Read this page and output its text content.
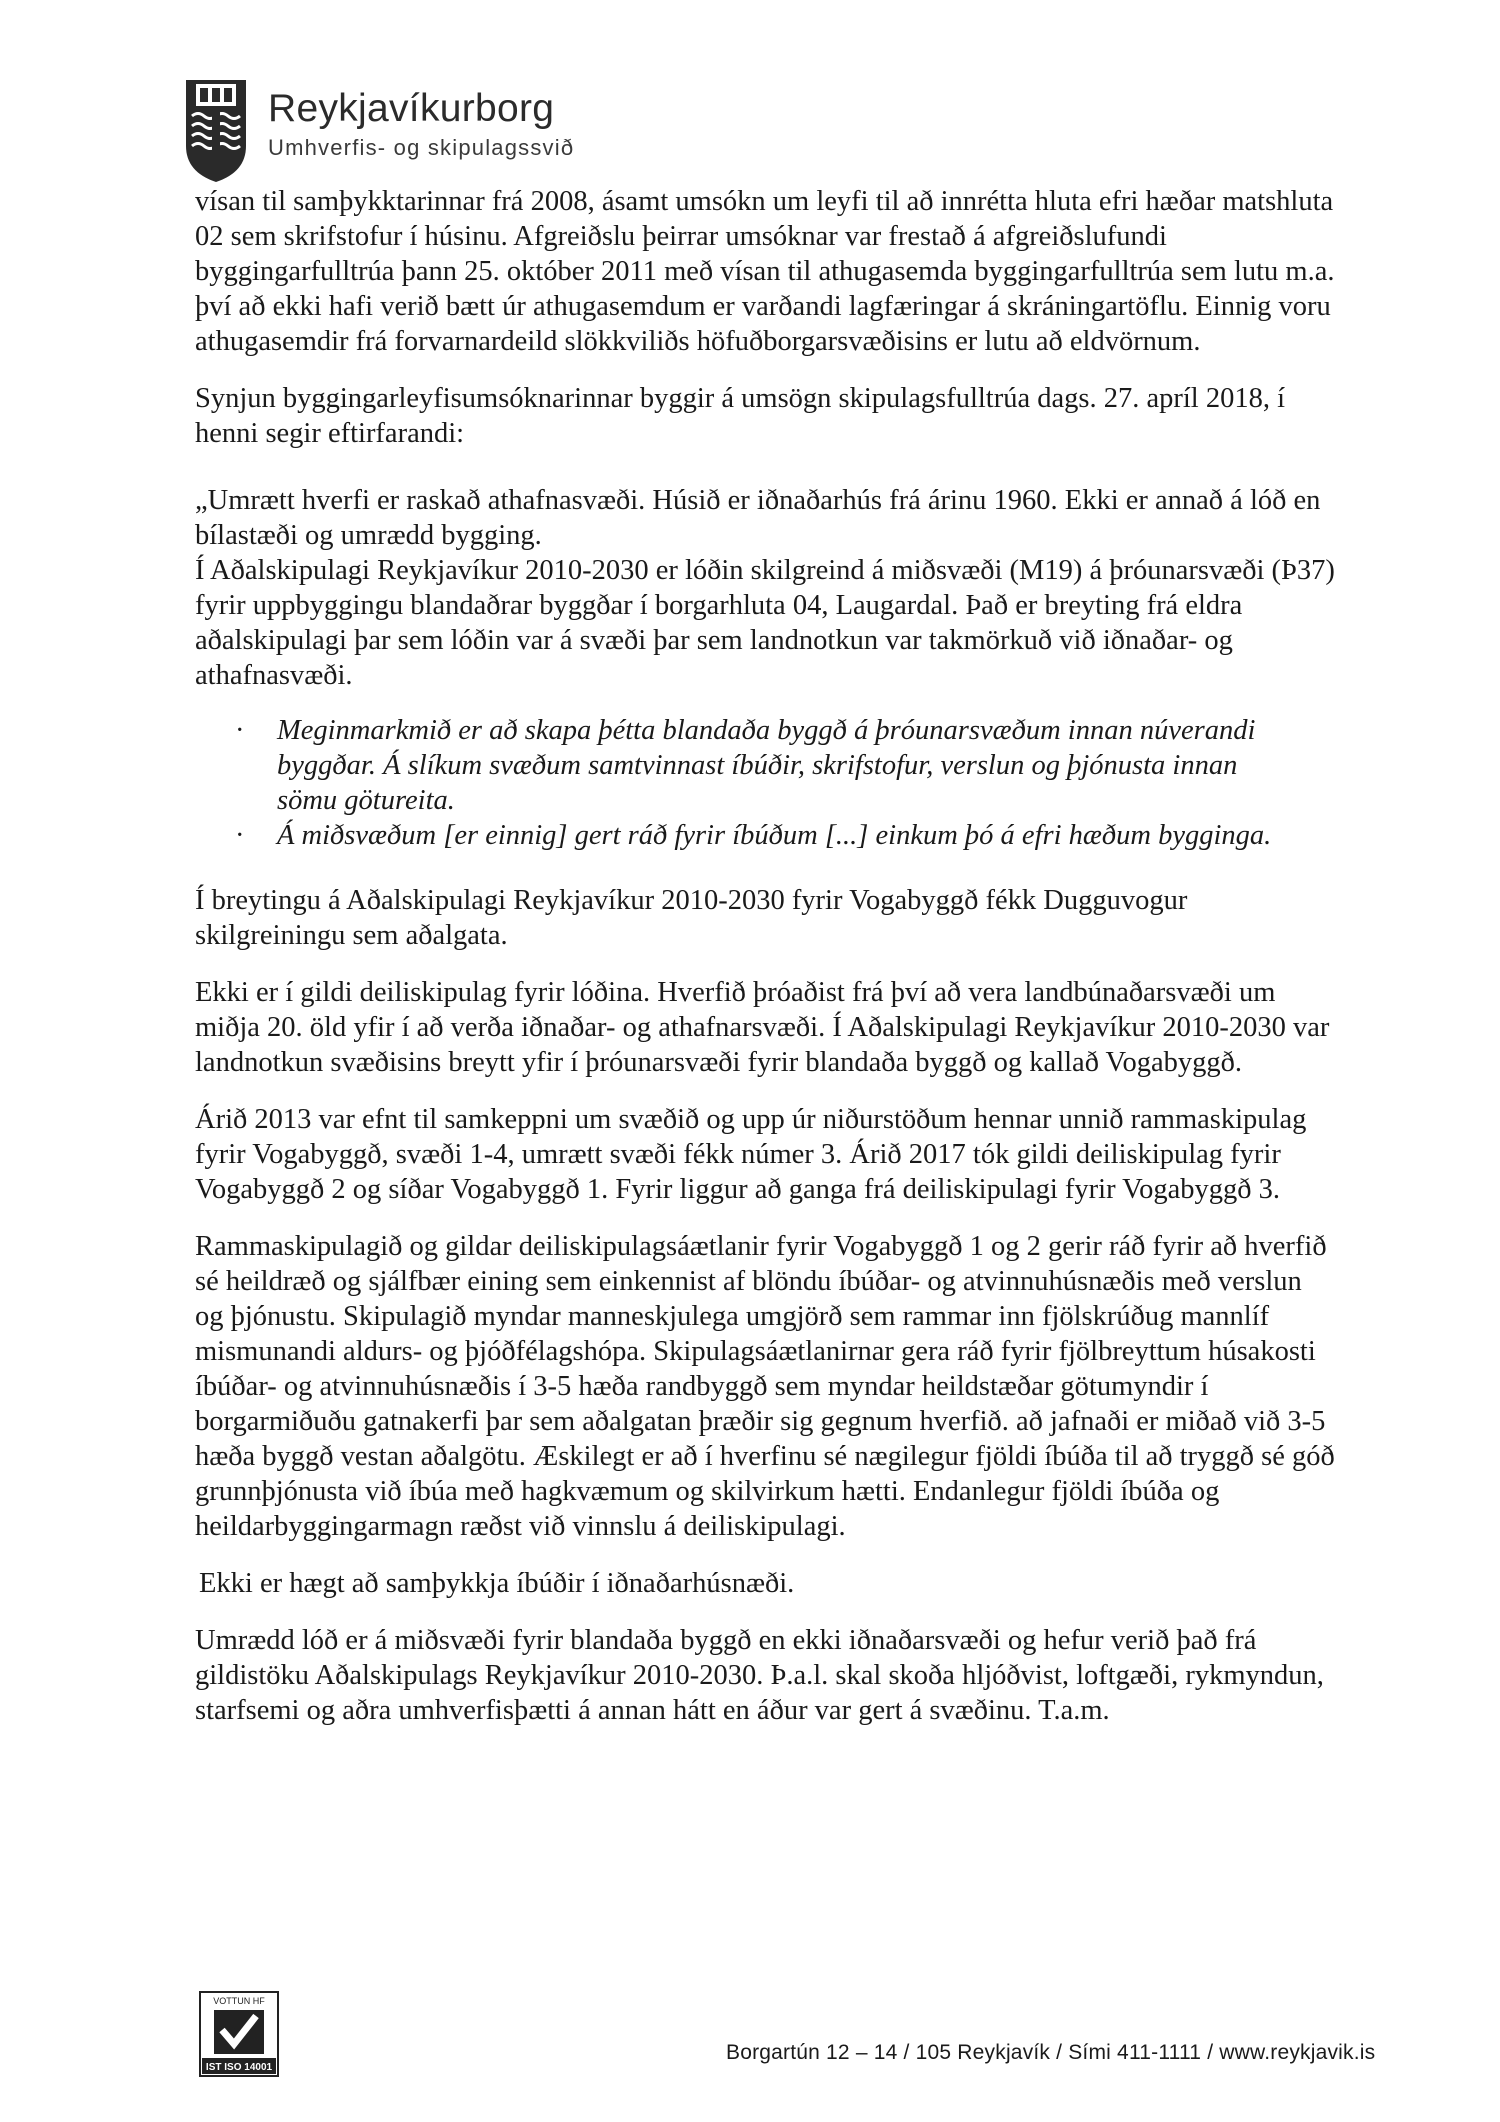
Reykjavíkurborg
Umhverfis- og skipulagssvið

vísan til samþykktarinnar frá 2008, ásamt umsókn um leyfi til að innrétta hluta efri hæðar matshluta 02 sem skrifstofur í húsinu. Afgreiðslu þeirrar umsóknar var frestað á afgreiðslufundi byggingarfulltrúa þann 25. október 2011 með vísan til athugasemda byggingarfulltrúa sem lutu m.a. því að ekki hafi verið bætt úr athugasemdum er varðandi lagfæringar á skráningartöflu. Einnig voru athugasemdir frá forvarnardeild slökkviliðs höfuðborgarsvæðisins er lutu að eldvörnum.

Synjun byggingarleyfisumsóknarinnar byggir á umsögn skipulagsfulltrúa dags. 27. apríl 2018, í henni segir eftirfarandi:

„Umrætt hverfi er raskað athafnasvæði. Húsið er iðnaðarhús frá árinu 1960. Ekki er annað á lóð en bílastæði og umrædd bygging.

Í Aðalskipulagi Reykjavíkur 2010-2030 er lóðin skilgreind á miðsvæði (M19) á þróunarsvæði (Þ37) fyrir uppbyggingu blandaðrar byggðar í borgarhluta 04, Laugardal. Það er breyting frá eldra aðalskipulagi þar sem lóðin var á svæði þar sem landnotkun var takmörkuð við iðnaðar- og athafnasvæði.

· Meginmarkmið er að skapa þétta blandaða byggð á þróunarsvæðum innan núverandi byggðar. Á slíkum svæðum samtvinnast íbúðir, skrifstofur, verslun og þjónusta innan sömu götureita.
· Á miðsvæðum [er einnig] gert ráð fyrir íbúðum [...] einkum þó á efri hæðum bygginga.

Í breytingu á Aðalskipulagi Reykjavíkur 2010-2030 fyrir Vogabyggð fékk Dugguvogur skilgreiningu sem aðalgata.

Ekki er í gildi deiliskipulag fyrir lóðina. Hverfið þróaðist frá því að vera landbúnaðarsvæði um miðja 20. öld yfir í að verða iðnaðar- og athafnarsvæði. Í Aðalskipulagi Reykjavíkur 2010-2030 var landnotkun svæðisins breytt yfir í þróunarsvæði fyrir blandaða byggð og kallað Vogabyggð.

Árið 2013 var efnt til samkeppni um svæðið og upp úr niðurstöðum hennar unnið rammaskipulag fyrir Vogabyggð, svæði 1-4, umrætt svæði fékk númer 3. Árið 2017 tók gildi deiliskipulag fyrir Vogabyggð 2 og síðar Vogabyggð 1. Fyrir liggur að ganga frá deiliskipulagi fyrir Vogabyggð 3.

Rammaskipulagið og gildar deiliskipulagsáætlanir fyrir Vogabyggð 1 og 2 gerir ráð fyrir að hverfið sé heildræð og sjálfbær eining sem einkennist af blöndu íbúðar- og atvinnuhúsnæðis með verslun og þjónustu. Skipulagið myndar manneskjulega umgjörð sem rammar inn fjölskrúðug mannlíf mismunandi aldurs- og þjóðfélagshópa. Skipulagsáætlanirnar gera ráð fyrir fjölbreyttum húsakosti íbúðar- og atvinnuhúsnæðis í 3-5 hæða randbyggð sem myndar heildstæðar götumyndir í borgarmiðuðu gatnakerfi þar sem aðalgatan þræðir sig gegnum hverfið. að jafnaði er miðað við 3-5 hæða byggð vestan aðalgötu. Æskilegt er að í hverfinu sé nægilegur fjöldi íbúða til að tryggð sé góð grunnþjónusta við íbúa með hagkvæmum og skilvirkum hætti. Endanlegur fjöldi íbúða og heildarbyggingarmagn ræðst við vinnslu á deiliskipulagi.

Ekki er hægt að samþykkja íbúðir í iðnaðarhúsnæði.

Umrædd lóð er á miðsvæði fyrir blandaða byggð en ekki iðnaðarsvæði og hefur verið það frá gildistöku Aðalskipulags Reykjavíkur 2010-2030. Þ.a.l. skal skoða hljóðvist, loftgæði, rykmyndun, starfsemi og aðra umhverfisþætti á annan hátt en áður var gert á svæðinu. T.a.m.

VOTTUN HF
IST ISO 14001
Borgartún 12 – 14 / 105 Reykjavík / Sími 411-1111 / www.reykjavik.is
